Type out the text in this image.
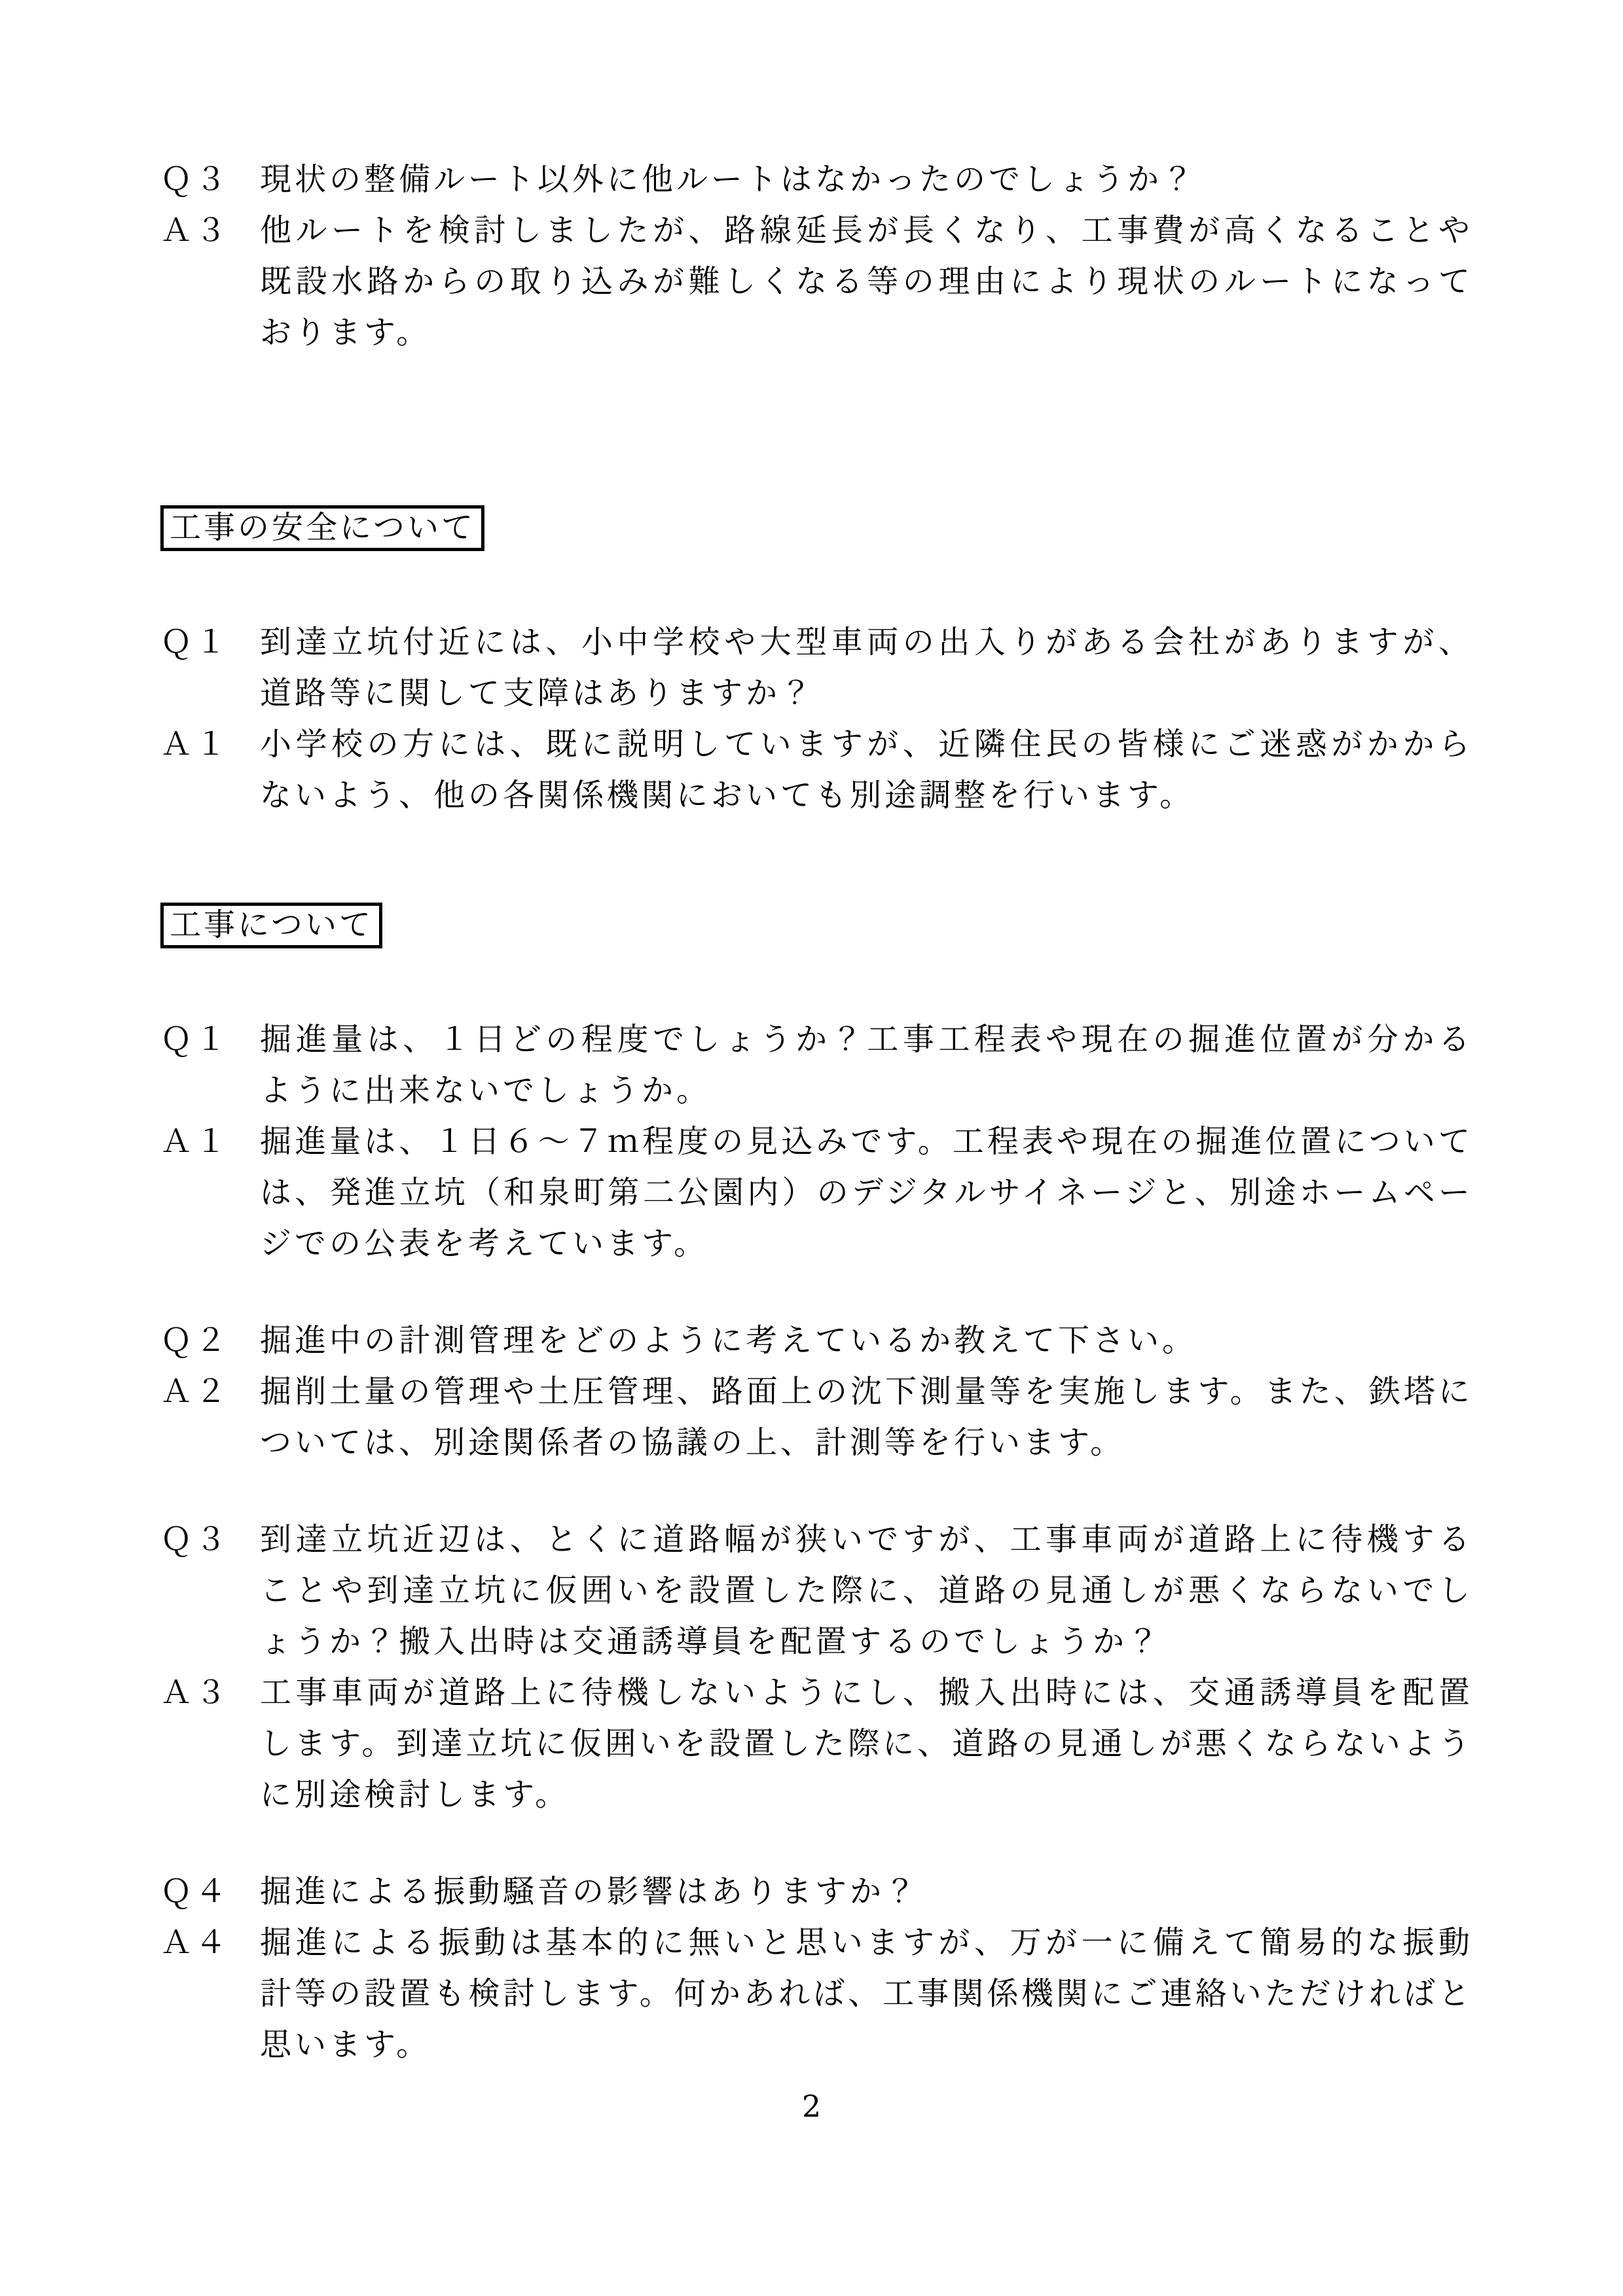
Ｑ３ 現状の整備ルート以外に他ルートはなかったのでしょうか？
Ａ３ 他ルートを検討しましたが、路線延長が長くなり、工事費が高くなることや既設水路からの取り込みが難しくなる等の理由により現状のルートになっております。
工事の安全について
Ｑ１ 到達立坑付近には、小中学校や大型車両の出入りがある会社がありますが、道路等に関して支障はありますか？
Ａ１ 小学校の方には、既に説明していますが、近隣住民の皆様にご迷惑がかからないよう、他の各関係機関においても別途調整を行います。
工事について
Ｑ１ 掘進量は、１日どの程度でしょうか？工事工程表や現在の掘進位置が分かるように出来ないでしょうか。
Ａ１ 掘進量は、１日６～７ｍ程度の見込みです。工程表や現在の掘進位置については、発進立坑（和泉町第二公園内）のデジタルサイネージと、別途ホームページでの公表を考えています。
Ｑ２ 掘進中の計測管理をどのように考えているか教えて下さい。
Ａ２ 掘削土量の管理や土圧管理、路面上の沈下測量等を実施します。また、鉄塔については、別途関係者の協議の上、計測等を行います。
Ｑ３ 到達立坑近辺は、とくに道路幅が狭いですが、工事車両が道路上に待機することや到達立坑に仮囲いを設置した際に、道路の見通しが悪くならないでしょうか？搬入出時は交通誘導員を配置するのでしょうか？
Ａ３ 工事車両が道路上に待機しないようにし、搬入出時には、交通誘導員を配置します。到達立坑に仮囲いを設置した際に、道路の見通しが悪くならないように別途検討します。
Ｑ４ 掘進による振動騒音の影響はありますか？
Ａ４ 掘進による振動は基本的に無いと思いますが、万が一に備えて簡易的な振動計等の設置も検討します。何かあれば、工事関係機関にご連絡いただければと思います。
2
